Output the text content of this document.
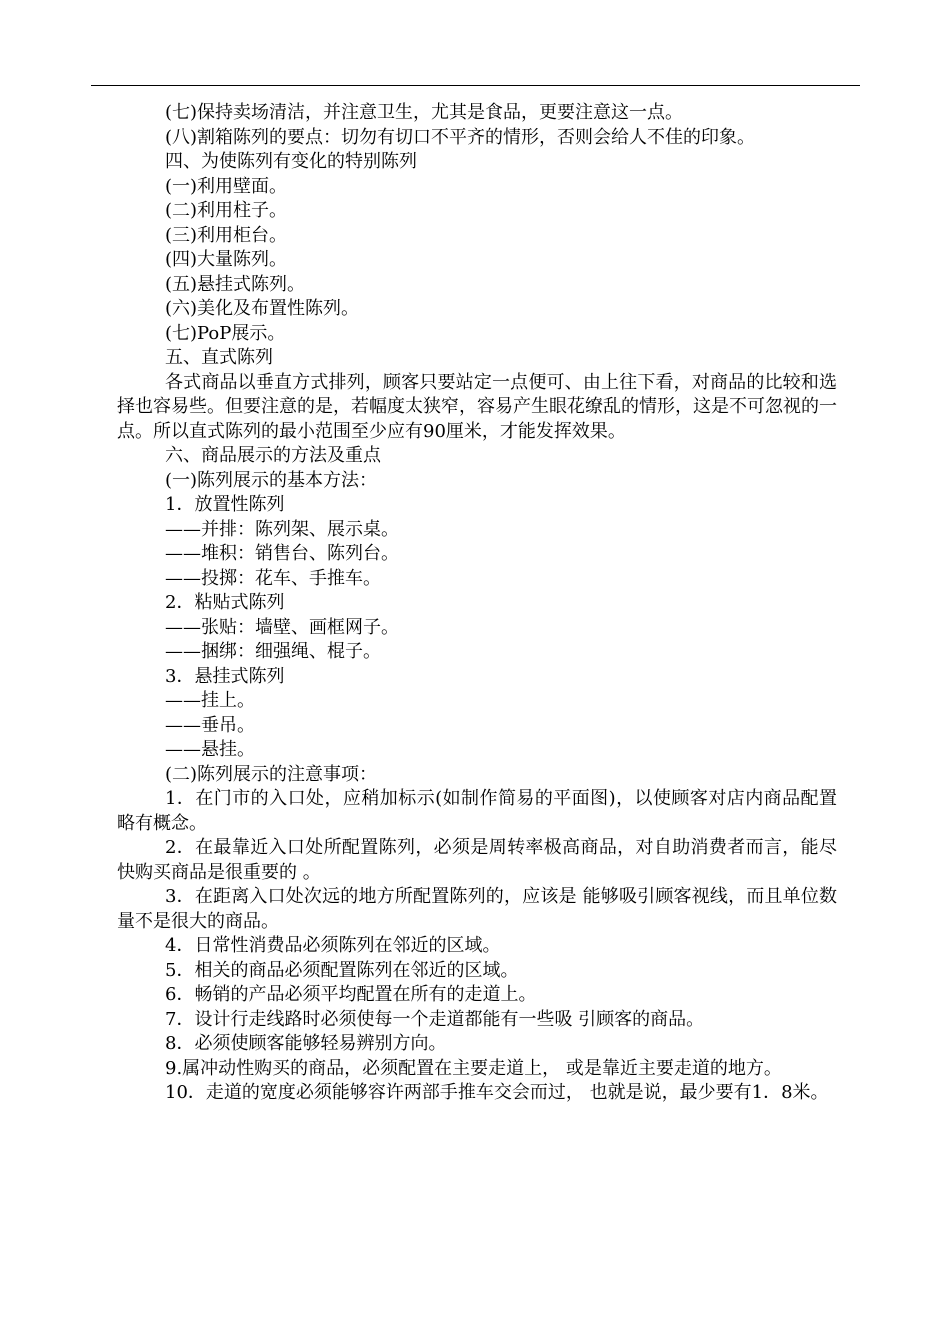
(七)保持卖场清洁，并注意卫生，尤其是食品，更要注意这一点。

(八)割箱陈列的要点：切勿有切口不平齐的情形，否则会给人不佳的印象。

四、为使陈列有变化的特别陈列

(一)利用壁面。

(二)利用柱子。

(三)利用柜台。

(四)大量陈列。

(五)悬挂式陈列。

(六)美化及布置性陈列。

(七)PoP展示。

五、直式陈列

各式商品以垂直方式排列，顾客只要站定一点便可、由上往下看，对商品的比较和选择也容易些。但要注意的是，若幅度太狭窄，容易产生眼花缭乱的情形，这是不可忽视的一点。所以直式陈列的最小范围至少应有90厘米，才能发挥效果。

六、商品展示的方法及重点

(一)陈列展示的基本方法：

1．放置性陈列

——并排：陈列架、展示桌。

——堆积：销售台、陈列台。

——投掷：花车、手推车。

2．粘贴式陈列

——张贴：墙壁、画框网子。

——捆绑：细强绳、棍子。

3．悬挂式陈列

——挂上。

——垂吊。

——悬挂。

(二)陈列展示的注意事项：

1．在门市的入口处，应稍加标示(如制作简易的平面图)，以使顾客对店内商品配置略有概念。

2．在最靠近入口处所配置陈列，必须是周转率极高商品，对自助消费者而言，能尽快购买商品是很重要的 。

3．在距离入口处次远的地方所配置陈列的，应该是 能够吸引顾客视线，而且单位数量不是很大的商品。

4．日常性消费品必须陈列在邻近的区域。

5．相关的商品必须配置陈列在邻近的区域。

6．畅销的产品必须平均配置在所有的走道上。

7．设计行走线路时必须使每一个走道都能有一些吸 引顾客的商品。

8．必须使顾客能够轻易辨别方向。

9.属冲动性购买的商品，必须配置在主要走道上， 或是靠近主要走道的地方。

10．走道的宽度必须能够容许两部手推车交会而过， 也就是说，最少要有1．8米。
